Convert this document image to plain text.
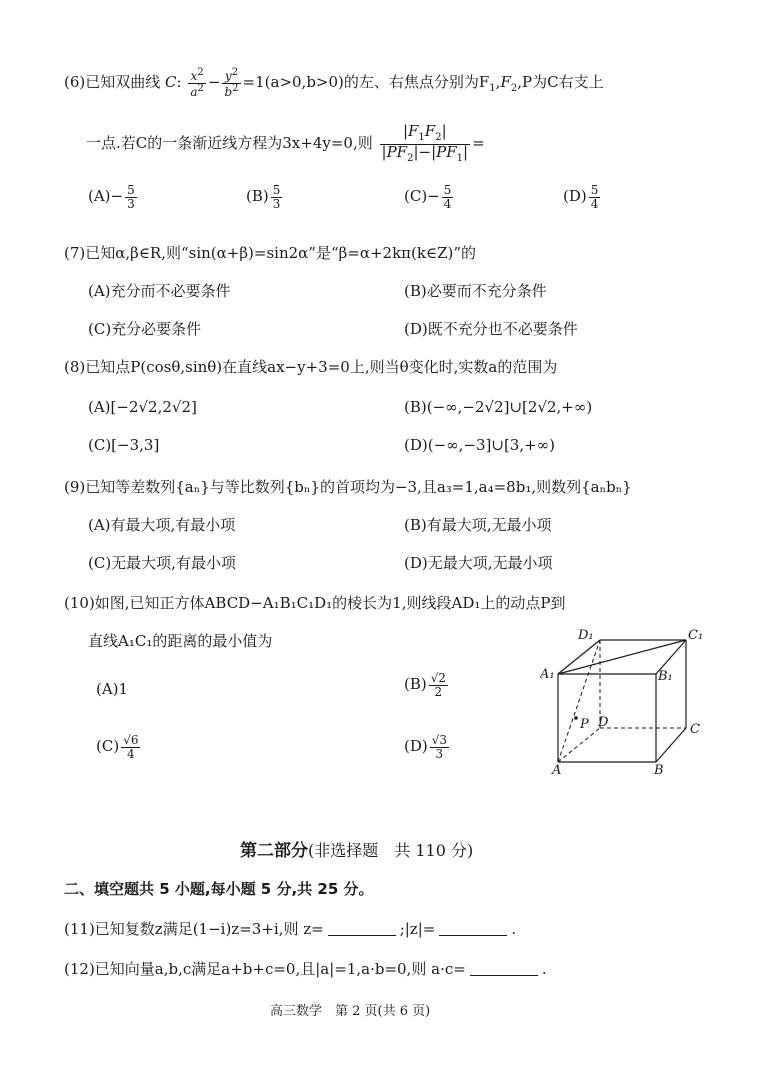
(6)已知双曲线 C: $\frac{x^2}{a^2} - \frac{y^2}{b^2} =1(a>0,b>0)$的左、右焦点分别为$F_1,F_2,P$为C右支上
一点.若C的一条渐近线方程为3x+4y=0,则 $\frac{|F_1F_2|}{|PF_2|-|PF_1|}$ =
$(A)- \frac{5}{3}$	$(B) \frac{5}{3}$	$(C)- \frac{5}{4}$	$(D) \frac{5}{4}$
(7)已知α,β∈R,则“sin(α+β)=sin2α”是“β=α+2kπ(k∈Z)”的
(A)充分而不必要条件	(B)必要而不充分条件
(C)充分必要条件	(D)既不充分也不必要条件
(8)已知点P(cosθ,sinθ)在直线ax−y+3=0上,则当θ变化时,实数a的范围为
(A)[−2√2,2√2]	(B)(−∞,−2√2]∪[2√2,+∞)
(C)[−3,3]	(D)(−∞,−3]∪[3,+∞)
(9)已知等差数列{aₙ}与等比数列{bₙ}的首项均为−3,且a₃=1,a₄=8b₁,则数列{aₙbₙ}
(A)有最大项,有最小项	(B)有最大项,无最小项
(C)无最大项,有最小项	(D)无最大项,无最小项
(10)如图,已知正方体ABCD−A₁B₁C₁D₁的棱长为1,则线段AD₁上的动点P到
直线A₁C₁的距离的最小值为
(A)1	$(B) \frac{√2}{2}$
$(C) \frac{√6}{4}$	$(D) \frac{√3}{3}$
D₁	C₁
A₁	B₁
P D	C
A	B
第二部分(非选择题　共 110 分)
二、填空题共 5 小题,每小题 5 分,共 25 分。
(11)已知复数z满足(1−i)z=3+i,则 z=	;|z|=	.
(12)已知向量a,b,c满足a+b+c=0,且|a|=1,a·b=0,则 a·c=	.
高三数学　第 2 页(共 6 页)
